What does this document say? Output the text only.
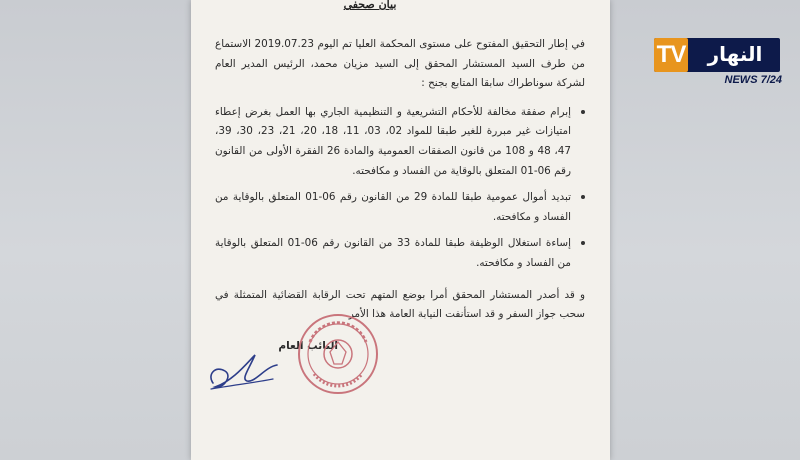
بيان صحفي

في إطار التحقيق المفتوح على مستوى المحكمة العليا تم اليوم 2019.07.23 الاستماع من طرف السيد المستشار المحقق إلى السيد مزيان محمد، الرئيس المدير العام لشركة سوناطراك سابقا المتابع بجنح :

إبرام صفقة مخالفة للأحكام التشريعية و التنظيمية الجاري بها العمل بغرض إعطاء امتيازات غير مبررة للغير طبقا للمواد 02، 03، 11، 18، 20، 21، 23، 30، 39، 47، 48 و 108 من قانون الصفقات العمومية والمادة 26 الفقرة الأولى من القانون رقم 06-01 المتعلق بالوقاية من الفساد و مكافحته.
تبديد أموال عمومية طبقا للمادة 29 من القانون رقم 06-01 المتعلق بالوقاية من الفساد و مكافحته.
إساءة استغلال الوظيفة طبقا للمادة 33 من القانون رقم 06-01 المتعلق بالوقاية من الفساد و مكافحته.

و قد أصدر المستشار المحقق أمرا بوضع المتهم تحت الرقابة القضائية المتمثلة في سحب جواز السفر و قد استأنفت النيابة العامة هذا الأمر.

النائب العام
TV	النهار
NEWS 7/24
